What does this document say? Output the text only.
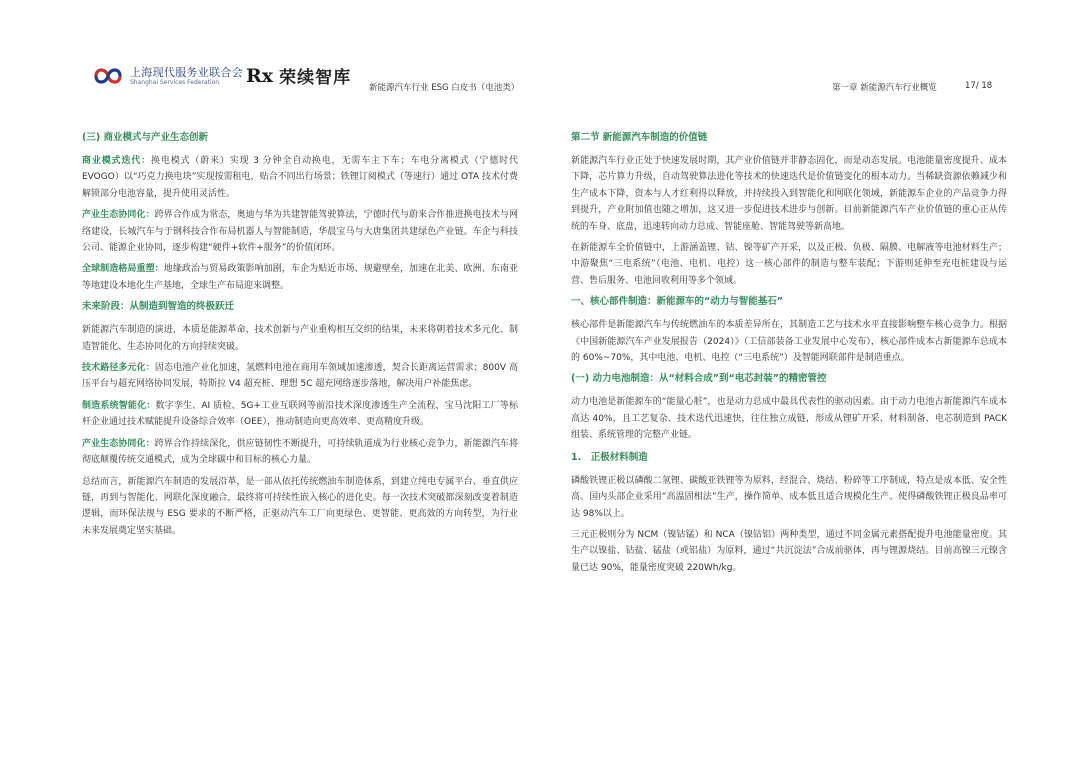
上海现代服务业联合会
Shanghai Services Federation	Rx 荣续智库 新能源汽车行业 ESG 白皮书（电池类）	第一章 新能源汽车行业概览	17/ 18
(三) 商业模式与产业生态创新

商业模式迭代：换电模式（蔚来）实现 3 分钟全自动换电，无需车主下车；车电分离模式（宁德时代 EVOGO）以“巧克力换电块”实现按需租电，贴合不同出行场景；铁锂订阅模式（等速行）通过 OTA 技术付费解锁部分电池容量，提升使用灵活性。

产业生态协同化：跨界合作成为常态，奥迪与华为共建智能驾驶算法，宁德时代与蔚来合作推进换电技术与网络建设，长城汽车与于钢科技合作布局机器人与智能制造，华晨宝马与大唐集团共建绿色产业链。车企与科技公司、能源企业协同，逐步构建“硬件+软件+服务”的价值闭环。

全球制造格局重塑：地缘政治与贸易政策影响加剧，车企为贴近市场、规避壁垒，加速在北美、欧洲、东南亚等地建设本地化生产基地，全球生产布局迎来调整。

未来阶段：从制造到智造的终极跃迁

新能源汽车制造的演进，本质是能源革命、技术创新与产业重构相互交织的结果，未来将朝着技术多元化、制造智能化、生态协同化的方向持续突破。

技术路径多元化：固态电池产业化加速，氢燃料电池在商用车领域加速渗透，契合长距离运营需求；800V 高压平台与超充网络协同发展，特斯拉 V4 超充桩、理想 5C 超充网络逐步落地，解决用户补能焦虑。

制造系统智能化：数字孪生、AI 质检、5G+工业互联网等前沿技术深度渗透生产全流程，宝马沈阳工厂等标杆企业通过技术赋能提升设备综合效率（OEE），推动制造向更高效率、更高精度升级。

产业生态协同化：跨界合作持续深化，供应链韧性不断提升，可持续轨道成为行业核心竞争力，新能源汽车将彻底颠覆传统交通模式，成为全球碳中和目标的核心力量。

总结而言，新能源汽车制造的发展沿革，是一部从依托传统燃油车制造体系，到建立纯电专属平台、垂直供应链，再到与智能化、网联化深度融合，最终将可持续性嵌入核心的进化史。每一次技术突破都深刻改变着制造逻辑，而环保法规与 ESG 要求的不断严格，正驱动汽车工厂向更绿色、更智能、更高效的方向转型，为行业未来发展奠定坚实基础。

第二节 新能源汽车制造的价值链

新能源汽车行业正处于快速发展时期，其产业价值链并非静态固化，而是动态发展。电池能量密度提升、成本下降，芯片算力升级，自动驾驶算法进化等技术的快速迭代是价值链变化的根本动力。当稀缺资源依赖减少和生产成本下降，资本与人才红利得以释放，并持续投入到智能化和网联化领域，新能源车企业的产品竞争力得到提升，产业附加值也随之增加，这又进一步促进技术进步与创新。目前新能源汽车产业价值链的重心正从传统的车身、底盘，迅速转向动力总成、智能座舱、智能驾驶等新高地。

在新能源车全价值链中，上游涵盖锂、钴、镍等矿产开采，以及正极、负极、隔膜、电解液等电池材料生产；中游聚焦“三电系统”（电池、电机、电控）这一核心部件的制造与整车装配；下游则延伸至充电桩建设与运营、售后服务、电池回收利用等多个领域。

一、核心部件制造：新能源车的“动力与智能基石”

核心部件是新能源汽车与传统燃油车的本质差异所在，其制造工艺与技术水平直接影响整车核心竞争力。根据《中国新能源汽车产业发展报告（2024）》（工信部装备工业发展中心发布），核心部件成本占新能源车总成本的 60%~70%，其中电池、电机、电控（“三电系统”）及智能网联部件是制造重点。

(一) 动力电池制造：从“材料合成”到“电芯封装”的精密管控

动力电池是新能源车的“能量心脏”，也是动力总成中最具代表性的驱动因素。由于动力电池占新能源汽车成本高达 40%，且工艺复杂、技术迭代迅速快，往往独立成链，形成从锂矿开采、材料制备、电芯制造到 PACK 组装、系统管理的完整产业链。

1.　正极材料制造

磷酸铁锂正极以磷酸二氢锂、碳酸亚铁锂等为原料，经混合、烧结、粉碎等工序制成，特点是成本低、安全性高。国内头部企业采用“高温固相法”生产，操作简单、成本低且适合规模化生产。使得磷酸铁锂正极良品率可达 98%以上。

三元正极则分为 NCM（镍钴锰）和 NCA（镍钴铝）两种类型，通过不同金属元素搭配提升电池能量密度。其生产以镍盐、钴盐、锰盐（或铝盐）为原料，通过“共沉淀法”合成前驱体，再与锂源烧结。目前高镍三元镍含量已达 90%，能量密度突破 220Wh/kg。
